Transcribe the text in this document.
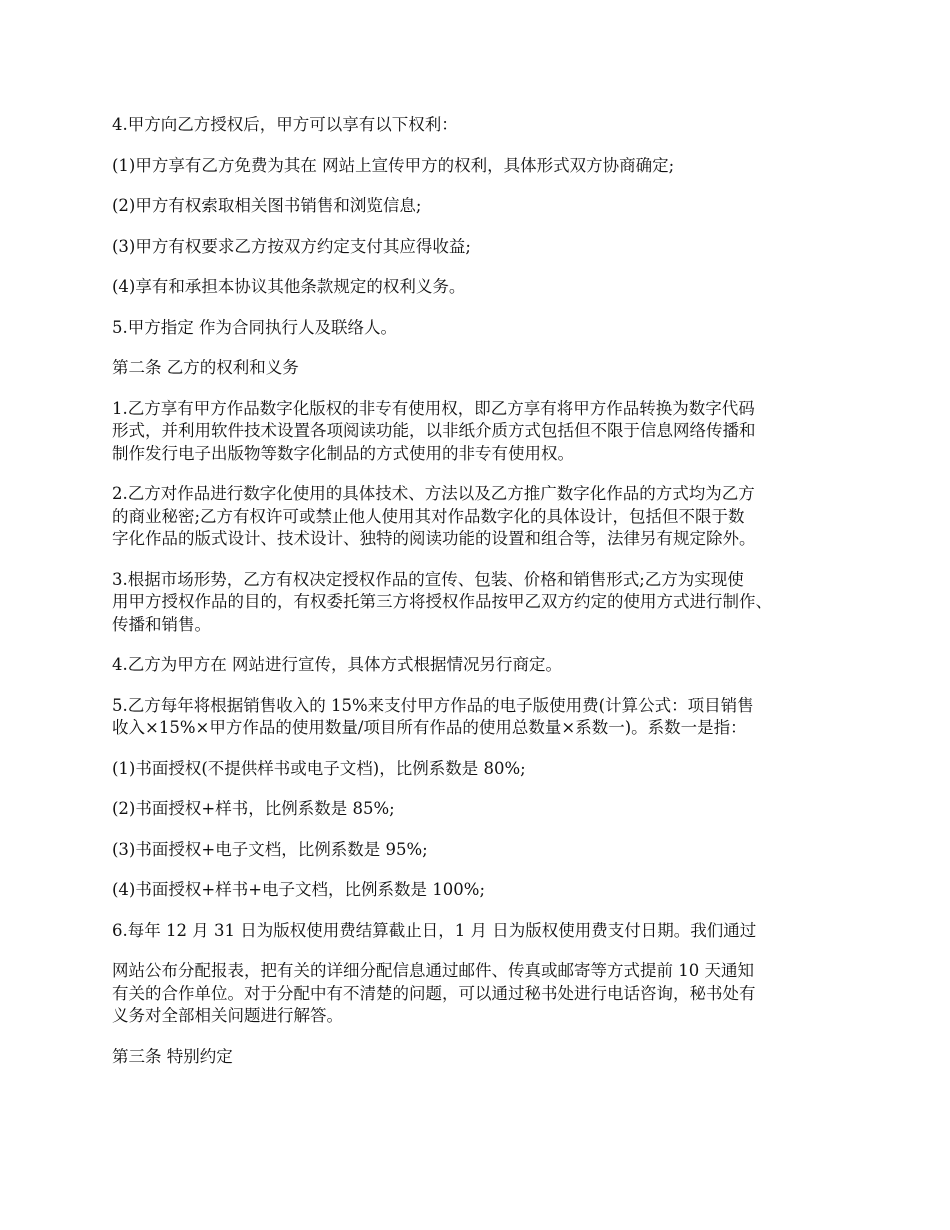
4.甲方向乙方授权后，甲方可以享有以下权利：

(1)甲方享有乙方免费为其在 网站上宣传甲方的权利，具体形式双方协商确定;

(2)甲方有权索取相关图书销售和浏览信息;

(3)甲方有权要求乙方按双方约定支付其应得收益;

(4)享有和承担本协议其他条款规定的权利义务。

5.甲方指定 作为合同执行人及联络人。

第二条 乙方的权利和义务

1.乙方享有甲方作品数字化版权的非专有使用权，即乙方享有将甲方作品转换为数字代码
形式，并利用软件技术设置各项阅读功能，以非纸介质方式包括但不限于信息网络传播和
制作发行电子出版物等数字化制品的方式使用的非专有使用权。

2.乙方对作品进行数字化使用的具体技术、方法以及乙方推广数字化作品的方式均为乙方
的商业秘密;乙方有权许可或禁止他人使用其对作品数字化的具体设计，包括但不限于数
字化作品的版式设计、技术设计、独特的阅读功能的设置和组合等，法律另有规定除外。

3.根据市场形势，乙方有权决定授权作品的宣传、包装、价格和销售形式;乙方为实现使
用甲方授权作品的目的，有权委托第三方将授权作品按甲乙双方约定的使用方式进行制作、
传播和销售。

4.乙方为甲方在 网站进行宣传，具体方式根据情况另行商定。

5.乙方每年将根据销售收入的 15%来支付甲方作品的电子版使用费(计算公式：项目销售
收入×15%×甲方作品的使用数量/项目所有作品的使用总数量×系数一)。系数一是指：

(1)书面授权(不提供样书或电子文档)，比例系数是 80%;

(2)书面授权+样书，比例系数是 85%;

(3)书面授权+电子文档，比例系数是 95%;

(4)书面授权+样书+电子文档，比例系数是 100%;

6.每年 12 月 31 日为版权使用费结算截止日，1 月 日为版权使用费支付日期。我们通过

网站公布分配报表，把有关的详细分配信息通过邮件、传真或邮寄等方式提前 10 天通知
有关的合作单位。对于分配中有不清楚的问题，可以通过秘书处进行电话咨询，秘书处有
义务对全部相关问题进行解答。

第三条 特别约定
